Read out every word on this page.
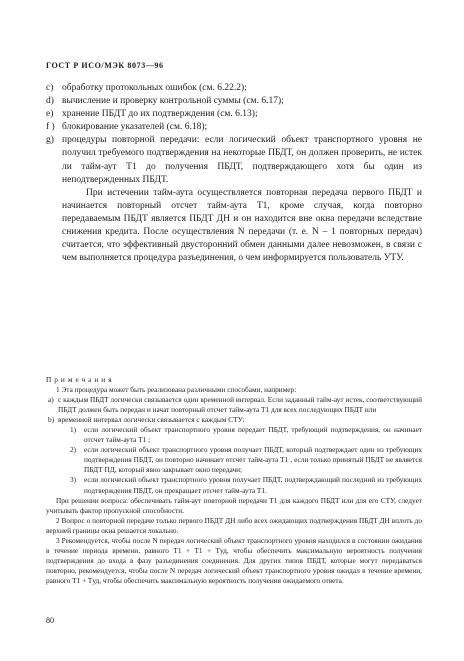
ГОСТ Р ИСО/МЭК 8073—96
c) обработку протокольных ошибок (см. 6.22.2);
d) вычисление и проверку контрольной суммы (см. 6.17);
e) хранение ПБДТ до их подтверждения (см. 6.13);
f ) блокирование указателей (см. 6.18);
g) процедуры повторной передачи: если логический объект транспортного уровня не получил требуемого подтверждения на некоторые ПБДТ, он должен проверить, не истек ли тайм-аут T1 до получения ПБДТ, подтверждающего хотя бы один из неподтвержденных ПБДТ.
При истечении тайм-аута осуществляется повторная передача первого ПБДТ и начинается повторный отсчет тайм-аута T1, кроме случая, когда повторно передаваемым ПБДТ является ПБДТ ДН и он находится вне окна передачи вследствие снижения кредита. После осуществления N передачи (т. е. N – 1 повторных передач) считается, что эффективный двусторонний обмен данными далее невозможен, в связи с чем выполняется процедура разъединения, о чем информируется пользователь УТУ.
Примечания
1 Эта процедура может быть реализована различными способами, например:
a) с каждым ПБДТ логически связывается один временной интервал. Если заданный тайм-аут истек, соответствующий ПБДТ должен быть передан и начат повторный отсчет тайм-аута T1 для всех последующих ПБДТ или
b) временной интервал логически связывается с каждым СТУ:
1)	если логический объект транспортного уровня передает ПБДТ, требующий подтверждения, он начинает отсчет тайм-аута T1 ;
2)	если логический объект транспортного уровня получает ПБДТ, который подтверждает один из требующих подтверждения ПБДТ, он повторно начинает отсчет тайм-аута T1 , если только принятый ПБДТ не является ПБДТ ПД, который явно закрывает окно передачи;
3)	если логический объект транспортного уровня получает ПБДТ, подтверждающий последний из требующих подтверждения ПБДТ, он прекращает отсчет тайм-аута T1.
При решении вопроса: обеспечивать тайм-аут повторной передачи T1 для каждого ПБДТ или для его СТУ, следует учитывать фактор пропускной способности.
2 Вопрос о повторной передаче только первого ПБДТ ДН либо всех ожидающих подтверждения ПБДТ ДН вплоть до верхней границы окна решается локально.
3 Рекомендуется, чтобы после N передач логический объект транспортного уровня находился в состоянии ожидания в течение периода времени, равного T1 + T1 + Tуд, чтобы обеспечить максимальную вероятность получения подтверждения до входа в фазу разъединения соединения. Для других типов ПБДТ, которые могут передаваться повторно, рекомендуется, чтобы после N передач логический объект транспортного уровня ожидал в течение времени, равного T1 + Tуд, чтобы обеспечить максимальную вероятность получения ожидаемого ответа.
80
